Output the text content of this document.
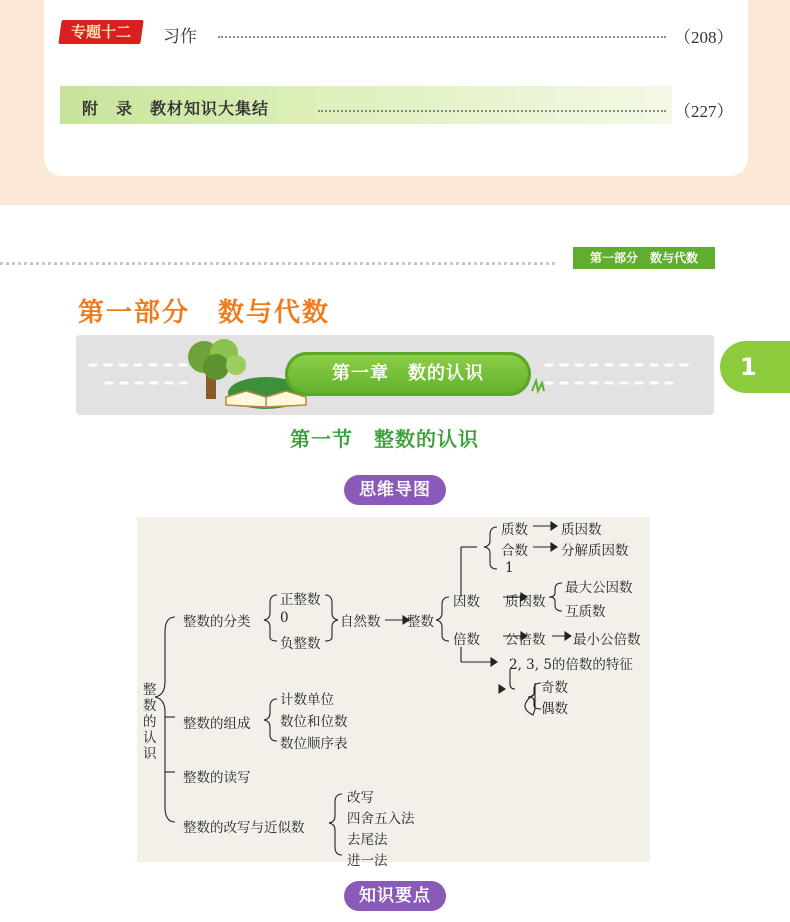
专题十二	习作	（208）
附　录　教材知识大集结	（227）
第一部分　数与代数
第一部分　数与代数
第一章　数的认识	1
第一节　整数的认识
思维导图
整数的认识
整数的分类
正整数
0
负整数
自然数 整数
因数
倍数
质数 质因数
合数 分解质因数
1
质因数
最大公因数
互质数
公倍数 最小公倍数
2, 3, 5的倍数的特征
奇数
偶数
整数的组成
计数单位
数位和位数
数位顺序表
整数的读写
整数的改写与近似数
改写
四舍五入法
去尾法
进一法
知识要点
